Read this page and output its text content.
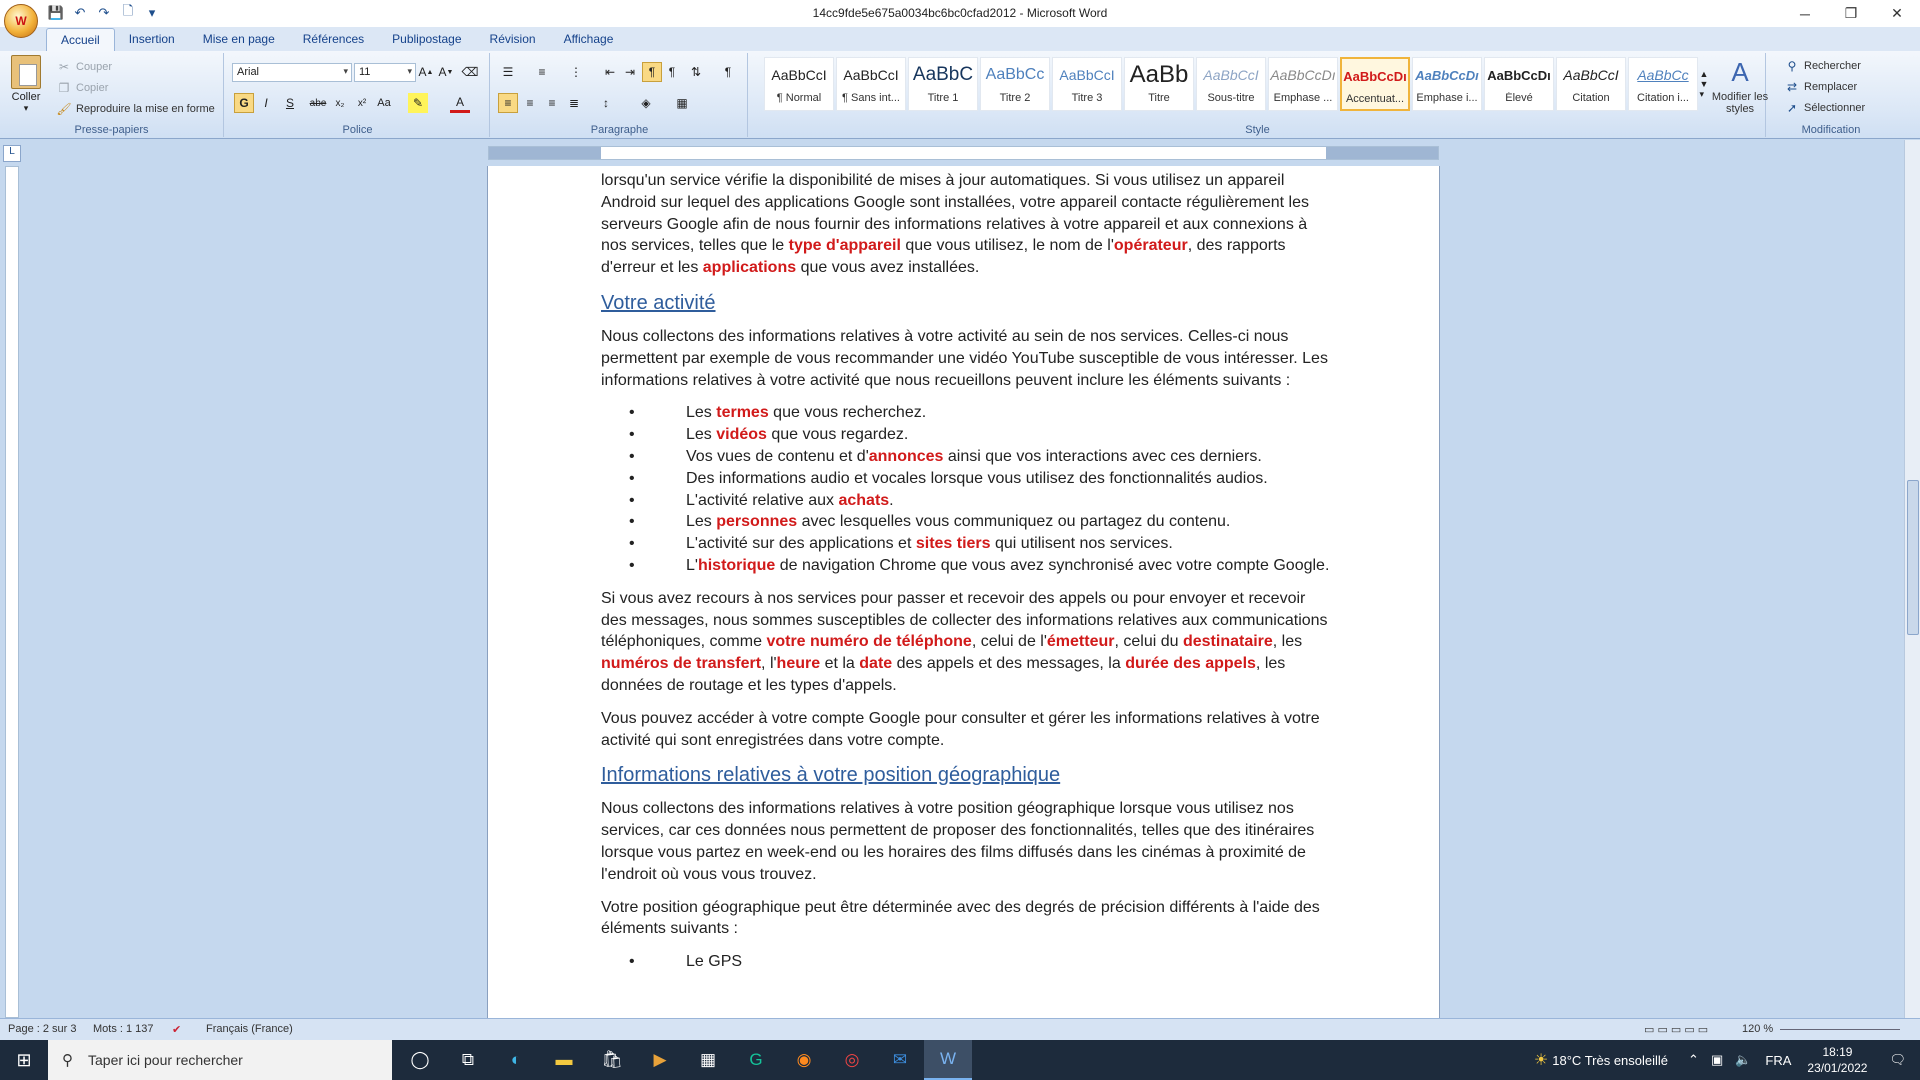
W
💾 ↶	↷	🗋	▾	14cc9fde5e675a0034bc6bc0cfad2012 - Microsoft Word	─	❐	✕
Accueil	Insertion	Mise en page	Références	Publipostage	Révision	Affichage
Coller
▾
✂ Couper
❐ Copier
🖌 Reproduire la mise en forme
Presse-papiers
Arial ▾	11 ▾	A ▲ A ▼ ⌫
G	I	S	abe x₂	x²	Aa	✎	A
Police
☰	≡	⋮	⇤ ⇥	¶	¶	⇅	¶
≡	≡	≡	≣	↕	◈	▦
Paragraphe	Style
AaBbCcI
¶ Normal
AaBbCcI
¶ Sans int...
AaBbC
Titre 1
AaBbCc
Titre 2
AaBbCcI
Titre 3
AaBb
Titre
AaBbCcI
Sous-titre
AaBbCcDı
Emphase ...
AaBbCcDı
Accentuat...
AaBbCcDı
Emphase i...
AaBbCcDı
Élevé
AaBbCcI
Citation
AaBbCc
Citation i...
▲
▼
▾
A
Modifier les styles
⚲ Rechercher
⇄ Remplacer
➚ Sélectionner
Modification
L

lorsqu'un service vérifie la disponibilité de mises à jour automatiques. Si vous utilisez un appareil Android sur lequel des applications Google sont installées, votre appareil contacte régulièrement les serveurs Google afin de nous fournir des informations relatives à votre appareil et aux connexions à nos services, telles que le type d'appareil que vous utilisez, le nom de l'opérateur, des rapports d'erreur et les applications que vous avez installées.

Votre activité

Nous collectons des informations relatives à votre activité au sein de nos services. Celles-ci nous permettent par exemple de vous recommander une vidéo YouTube susceptible de vous intéresser. Les informations relatives à votre activité que nous recueillons peuvent inclure les éléments suivants :

• Les termes que vous recherchez.
• Les vidéos que vous regardez.
• Vos vues de contenu et d'annonces ainsi que vos interactions avec ces derniers.
• Des informations audio et vocales lorsque vous utilisez des fonctionnalités audios.
• L'activité relative aux achats.
• Les personnes avec lesquelles vous communiquez ou partagez du contenu.
• L'activité sur des applications et sites tiers qui utilisent nos services.
• L'historique de navigation Chrome que vous avez synchronisé avec votre compte Google.

Si vous avez recours à nos services pour passer et recevoir des appels ou pour envoyer et recevoir des messages, nous sommes susceptibles de collecter des informations relatives aux communications téléphoniques, comme votre numéro de téléphone, celui de l'émetteur, celui du destinataire, les numéros de transfert, l'heure et la date des appels et des messages, la durée des appels, les données de routage et les types d'appels.

Vous pouvez accéder à votre compte Google pour consulter et gérer les informations relatives à votre activité qui sont enregistrées dans votre compte.

Informations relatives à votre position géographique

Nous collectons des informations relatives à votre position géographique lorsque vous utilisez nos services, car ces données nous permettent de proposer des fonctionnalités, telles que des itinéraires lorsque vous partez en week-end ou les horaires des films diffusés dans les cinémas à proximité de l'endroit où vous vous trouvez.

Votre position géographique peut être déterminée avec des degrés de précision différents à l'aide des éléments suivants :

• Le GPS
Page : 2 sur 3 Mots : 1 137 ✔ Français (France)	▭ ▭ ▭ ▭ ▭	120 %
⊞	⚲ Taper ici pour rechercher	◯	⧉	◐	▬	🛍	▶	▦	G	◉	◎	✉	W	☀ 18°C Très ensoleillé	⌃ ▣ 🔈	FRA
18:19
23/01/2022
🗨
